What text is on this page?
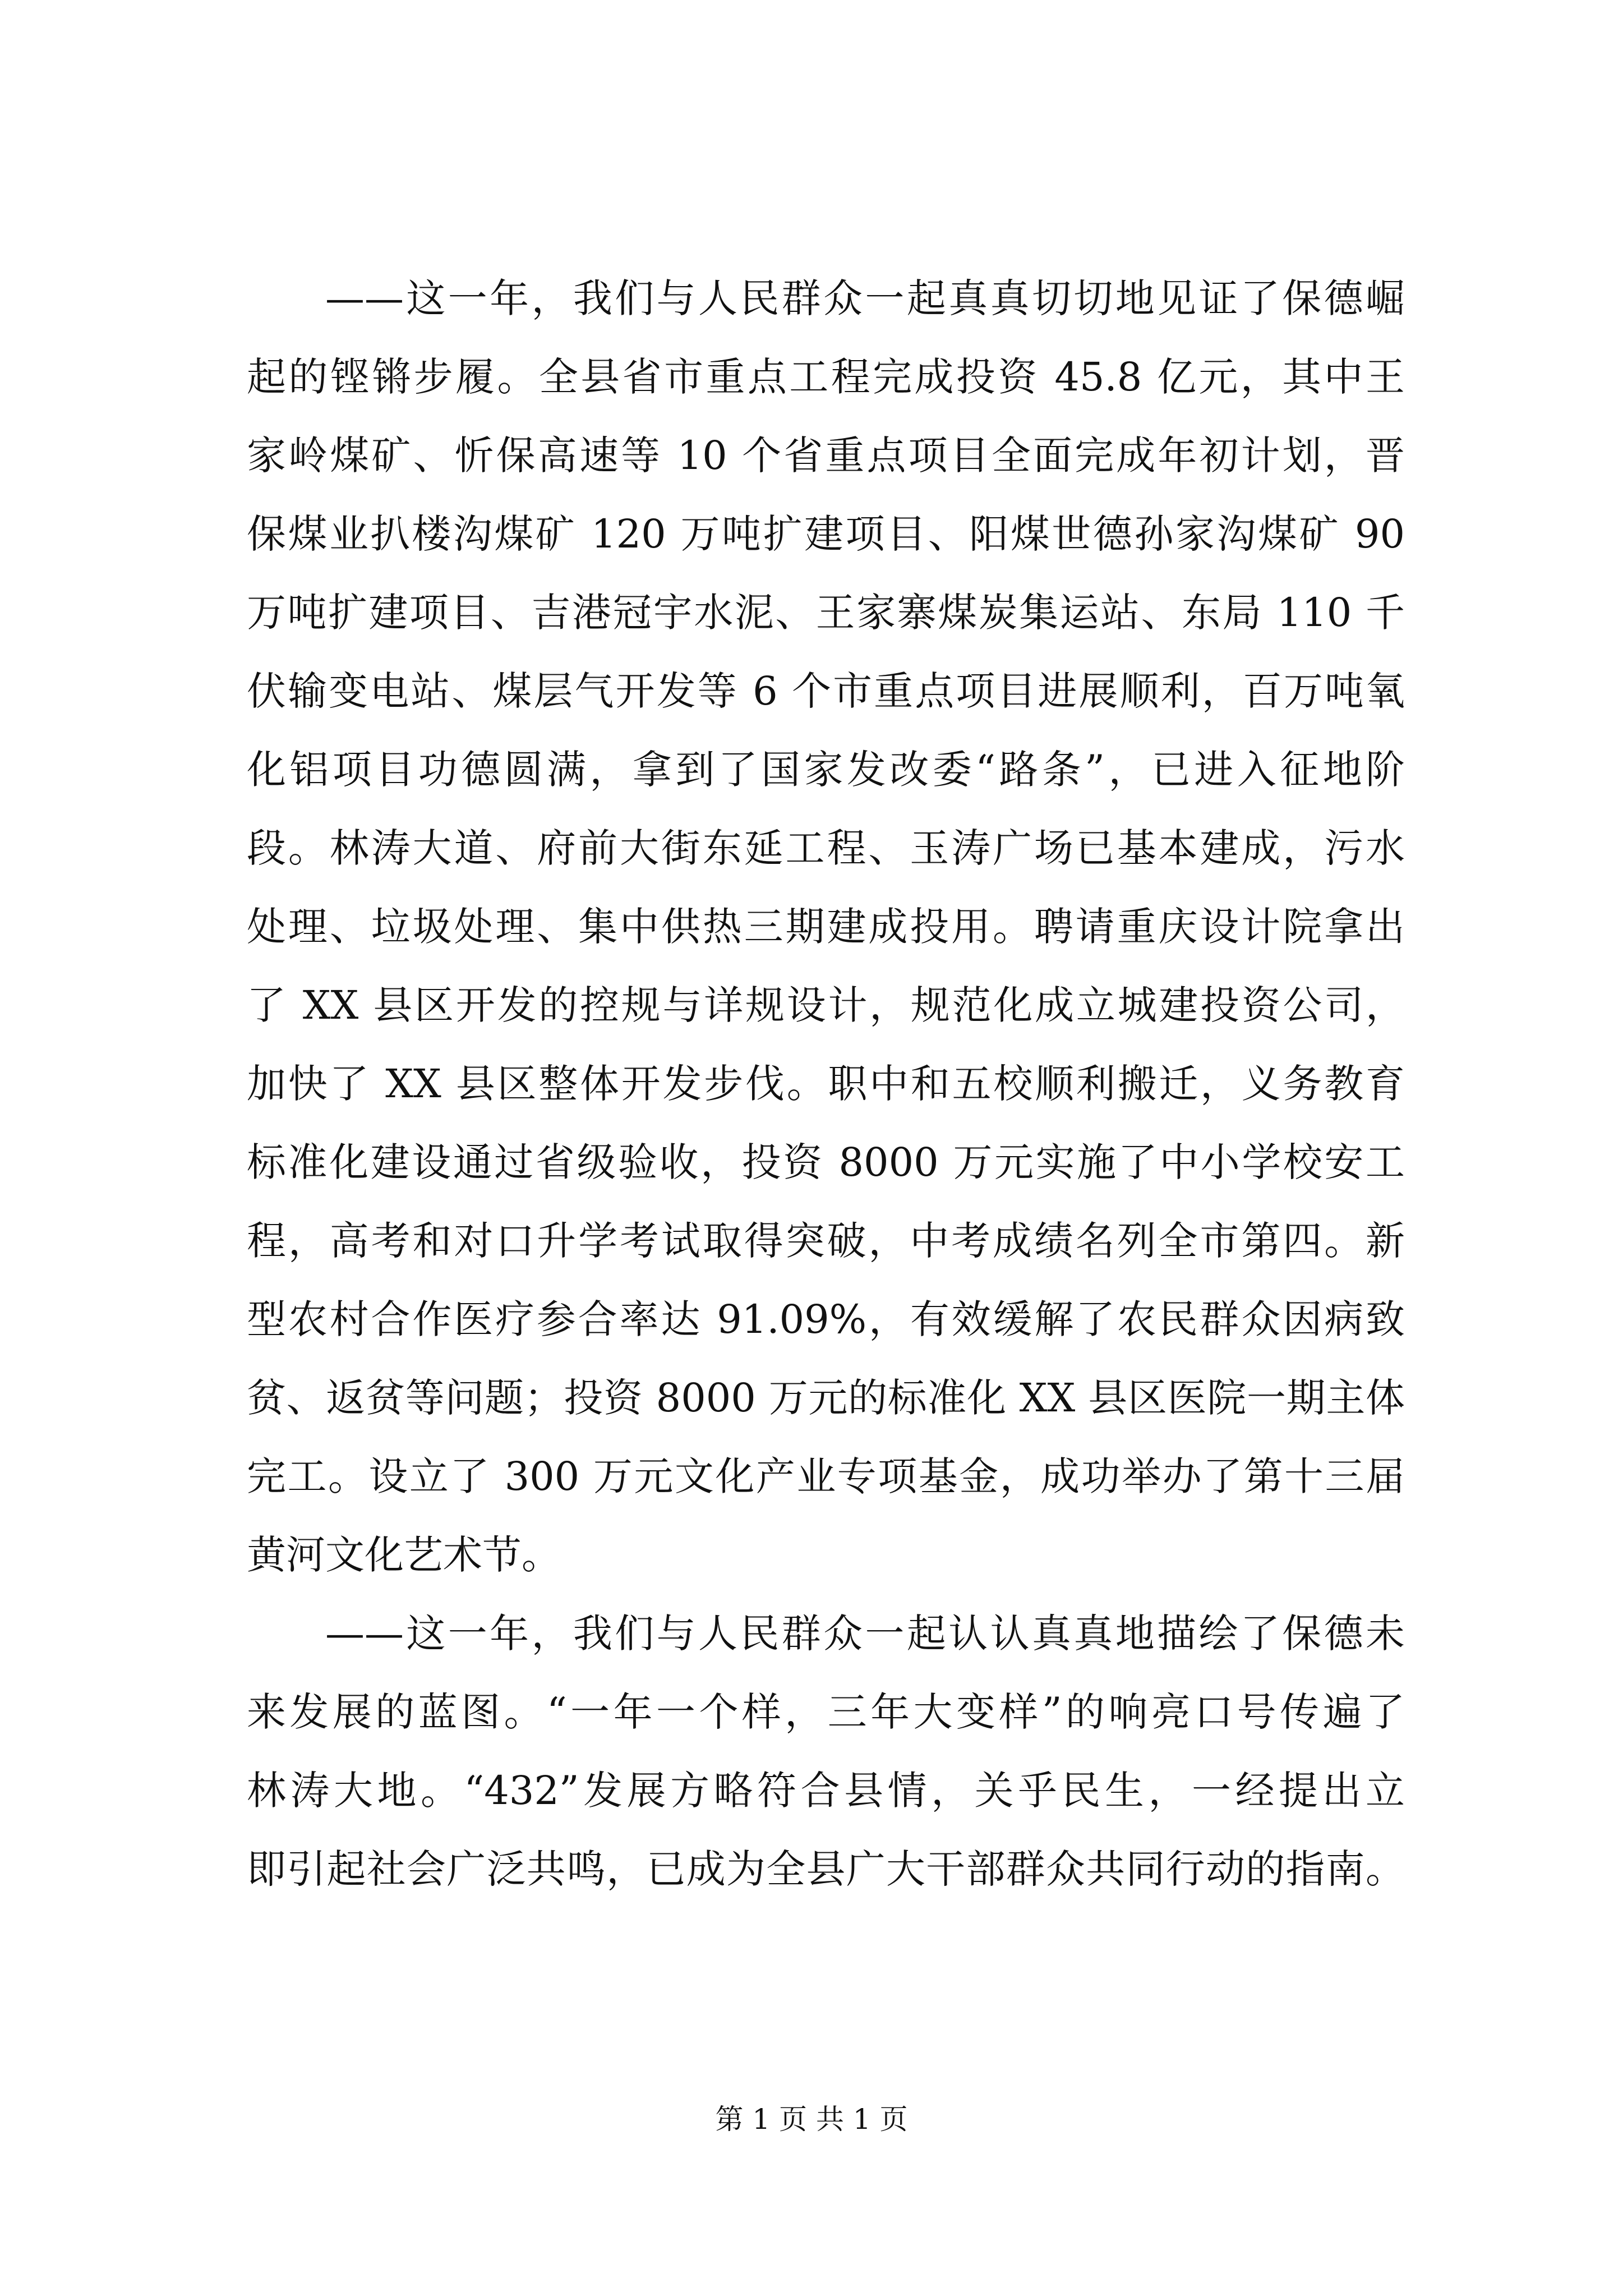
——这一年，我们与人民群众一起真真切切地见证了保德崛
起的铿锵步履。全县省市重点工程完成投资 45.8 亿元，其中王
家岭煤矿、忻保高速等 10 个省重点项目全面完成年初计划，晋
保煤业扒楼沟煤矿 120 万吨扩建项目、阳煤世德孙家沟煤矿 90
万吨扩建项目、吉港冠宇水泥、王家寨煤炭集运站、东局 110 千
伏输变电站、煤层气开发等 6 个市重点项目进展顺利，百万吨氧
化铝项目功德圆满，拿到了国家发改委“路条”，已进入征地阶
段。林涛大道、府前大街东延工程、玉涛广场已基本建成，污水
处理、垃圾处理、集中供热三期建成投用。聘请重庆设计院拿出
了 XX 县区开发的控规与详规设计，规范化成立城建投资公司，
加快了 XX 县区整体开发步伐。职中和五校顺利搬迁，义务教育
标准化建设通过省级验收，投资 8000 万元实施了中小学校安工
程，高考和对口升学考试取得突破，中考成绩名列全市第四。新
型农村合作医疗参合率达 91.09%，有效缓解了农民群众因病致
贫、返贫等问题；投资 8000 万元的标准化 XX 县区医院一期主体
完工。设立了 300 万元文化产业专项基金，成功举办了第十三届
黄河文化艺术节。
——这一年，我们与人民群众一起认认真真地描绘了保德未
来发展的蓝图。“一年一个样，三年大变样”的响亮口号传遍了
林涛大地。“432”发展方略符合县情，关乎民生，一经提出立
即引起社会广泛共鸣，已成为全县广大干部群众共同行动的指南。
第 1 页 共 1 页
